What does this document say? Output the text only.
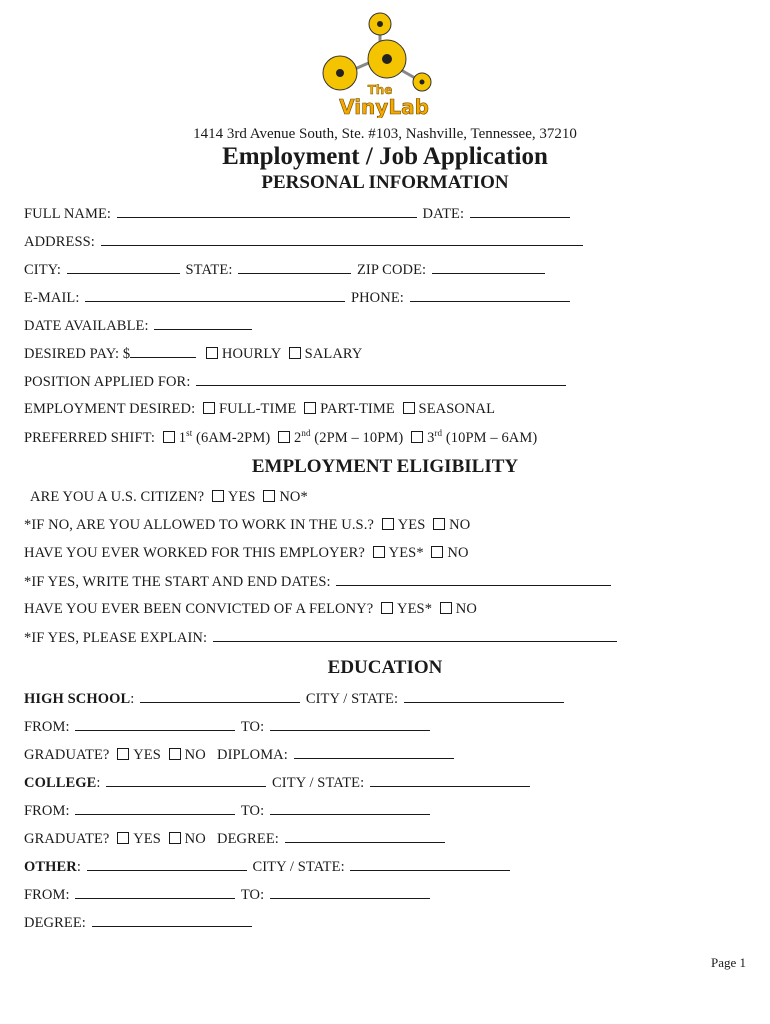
The
VinyLab
1414 3rd Avenue South, Ste. #103, Nashville, Tennessee, 37210
Employment / Job Application
PERSONAL INFORMATION
FULL NAME:	DATE:
ADDRESS:
CITY:	STATE:	ZIP CODE:
E-MAIL:	PHONE:
DATE AVAILABLE:
DESIRED PAY: $	HOURLY SALARY
POSITION APPLIED FOR:
EMPLOYMENT DESIRED: FULL-TIME PART-TIME SEASONAL
PREFERRED SHIFT: 1st (6AM-2PM) 2nd (2PM – 10PM) 3rd (10PM – 6AM)
EMPLOYMENT ELIGIBILITY
ARE YOU A U.S. CITIZEN? YES NO*
*IF NO, ARE YOU ALLOWED TO WORK IN THE U.S.? YES NO
HAVE YOU EVER WORKED FOR THIS EMPLOYER? YES* NO
*IF YES, WRITE THE START AND END DATES:
HAVE YOU EVER BEEN CONVICTED OF A FELONY? YES* NO
*IF YES, PLEASE EXPLAIN:
EDUCATION
HIGH SCHOOL:	CITY / STATE:
FROM:	TO:
GRADUATE? YES NO DIPLOMA:
COLLEGE:	CITY / STATE:
FROM:	TO:
GRADUATE? YES NO DEGREE:
OTHER:	CITY / STATE:
FROM:	TO:
DEGREE:
Page 1
